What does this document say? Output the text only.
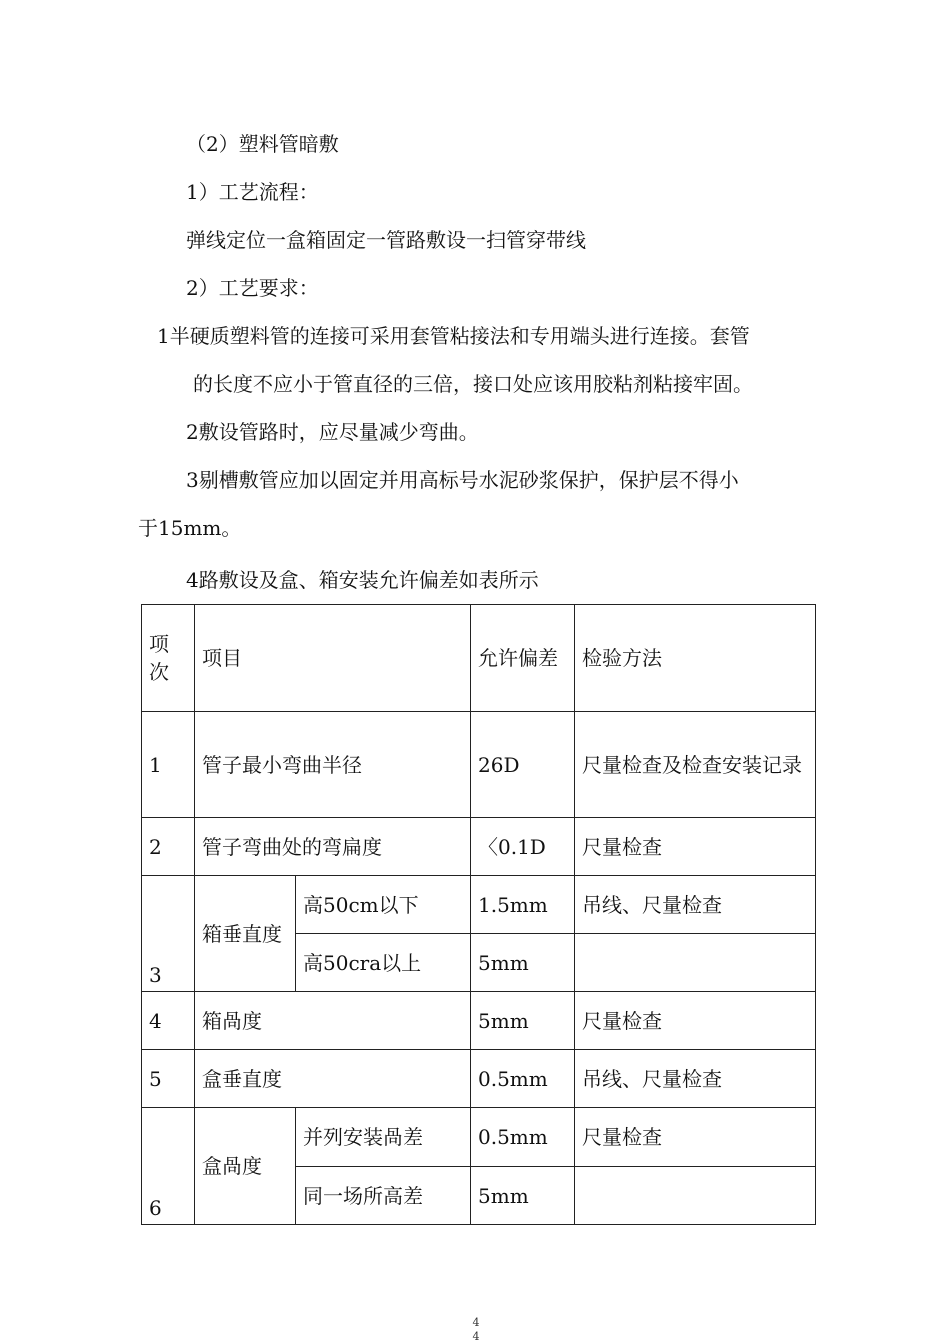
（2）塑料管暗敷
1）工艺流程：
弹线定位一盒箱固定一管路敷设一扫管穿带线
2）工艺要求：
1半硬质塑料管的连接可采用套管粘接法和专用端头进行连接。套管
的长度不应小于管直径的三倍，接口处应该用胶粘剂粘接牢固。
2敷设管路时，应尽量减少弯曲。
3剔槽敷管应加以固定并用高标号水泥砂浆保护，保护层不得小
于15mm。
4路敷设及盒、箱安装允许偏差如表所示
项次	项目		允许偏差	检验方法
1	管子最小弯曲半径		26D	尺量检查及检查安装记录
2	管子弯曲处的弯扁度		〈0.1D	尺量检查
3	箱垂直度	高50cm以下	1.5mm	吊线、尺量检查
		高50cra以上	5mm	
4	箱咼度		5mm	尺量检查
5	盒垂直度		0.5mm	吊线、尺量检查
6	盒咼度	并列安装咼差	0.5mm	尺量检查
		同一场所高差	5mm	
4
4
